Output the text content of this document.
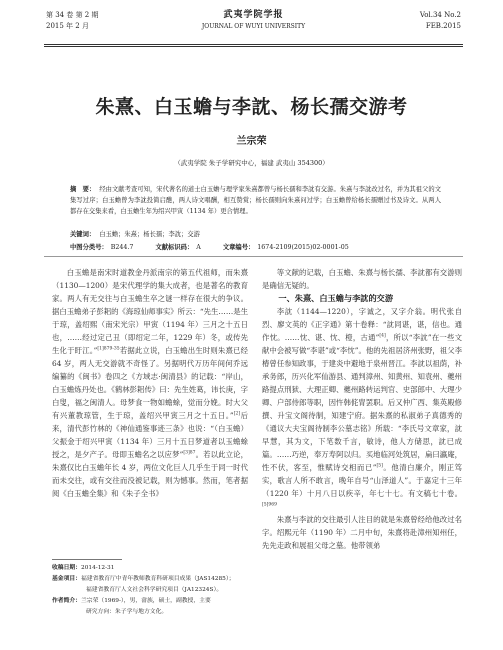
第 34 卷 第 2 期
2015 年 2 月
武夷学院学报
JOURNAL OF WUYI UNIVERSITY
Vol.34 No.2
FEB.2015
朱熹、白玉蟾与李訦、杨长孺交游考
兰宗荣
（武夷学院 朱子学研究中心，福建 武夷山 354300）
摘　要： 经由文献考查可知，宋代著名的道士白玉蟾与理学家朱熹都曾与杨长孺和李訦有交游。朱熹与李訦改过名，并为其祖父的文集写过序；白玉蟾曾为李訦投简启醮，两人诗文唱酬，相互赞赏；杨长孺则向朱熹问过学；白玉蟾曾给杨长孺赠过书及诗文。从两人都存在交集来看，白玉蟾生年为绍兴甲寅（1134 年）更合情理。
关键词： 白玉蟾；朱熹；杨长孺；李訦；交游
中图分类号： B244.7	文献标识码： A	文章编号： 1674-2109(2015)02-0001-05

白玉蟾是南宋时道教金丹派南宗的第五代祖师，而朱熹（1130—1200）是宋代理学的集大成者，也是著名的教育家。两人有无交往与白玉蟾生卒之谜一样存在很大的争议。据白玉蟾弟子彭耜的《海琼仙师事实》所云：“先生……是生于琼，盖绍熙（南宋光宗）甲寅（1194 年）三月之十五日也，……经过定己丑（即绍定二年，1229 年）冬，或传先生化于盱江。”$^{[1]879-35}$若据此立说，白玉蟾出生时则朱熹已经 64 岁，两人无交游就不奇怪了。另据明代万历年间何乔远编纂的《闽书》卷四之《方域志·闽清县》的记载：“岸山，白玉蟾炼丹处也。《鹤林彭耜传》曰：先生姓葛，讳长庚，字白叟，福之闽清人。母梦食一物如蟾蜍，觉而分娩。时大父有兴董教琼管，生于琼，盖绍兴甲寅三月之十五日。”[2]后来，清代彭竹林的《神仙通鉴事迹三条》也说：“（白玉蟾）父振金于绍兴甲寅（1134 年）三月十五日梦道者以玉蟾蜍授之，是夕产子。母即玉蟾名之以应梦”$^{[3]87}$。若以此立论，朱熹仅比白玉蟾年长 4 岁，两位文化巨人几乎生于同一时代而未交往，或有交往而没被记载，则为憾事。然而，笔者据阅《白玉蟾全集》和《朱子全书》

等文献的记载，白玉蟾、朱熹与杨长孺、李訦都有交游则是确信无疑的。

一、朱熹、白玉蟾与李訦的交游

李訦（1144—1220），字诚之，又字介翁。明代张自烈、廖文英的《正字通》第十卷释：“訦同谌，谌，信也。通作忱。……忱、谌、忱、橙，古通”[4]，所以“李訦”在一些文献中会被写做“李谌”或“李忱”。他的先祖居济州张野，祖父李椿曾任参知政事，于建炎中避地于泉州晋江。李訦以祖荫，补承务郎，历兴化军仙游县、通判漳州、知黄州、知袁州、夔州路提点刑狱、大理正卿、夔州路转运判官、史部郎中、大理少卿、户部侍郎等职，因忤韩侂胄罢职。后又仲广西、集英殿修撰、升宝文阁待制，知建宁府。据朱熹的私淑弟子真德秀的《通议大夫宝阁待制李公墓志铭》所载：“李氏号文章家，訦早慧，其为文，下笔数千言，敏诗，他人方储思，訦已成篇。……巧逆，奉万寿阿以归。买地临河处筑居，扁曰瀛庵，性不伏，客至，惟赋诗交相而已”[5]。他清白廉介，刚正笃实，歌言人所不敢言，晚年自号“山泽道人”。于嘉定十三年（1220 年）十月八日以疾辛，年七十七。有文稿七十卷。$^{[5]969}$

朱熹与李訦的交往最引人注目的就是朱熹曾经给他改过名字。绍熙元年（1190 年）二月中旬，朱熹将赴漳州知州任，先先走政和展祖父母之墓。他带领弟

收稿日期： 2014-12-31
基金项目： 福建省教育厅中青年教师教育科研项目成果（JAS14285）；
福建省教育厅人文社会科学研究项目（JA12324S）。
作者简介： 兰宗荣（1969-），男，畲族，硕士，副教授，主要
研究方向：朱子学与地方文化。
